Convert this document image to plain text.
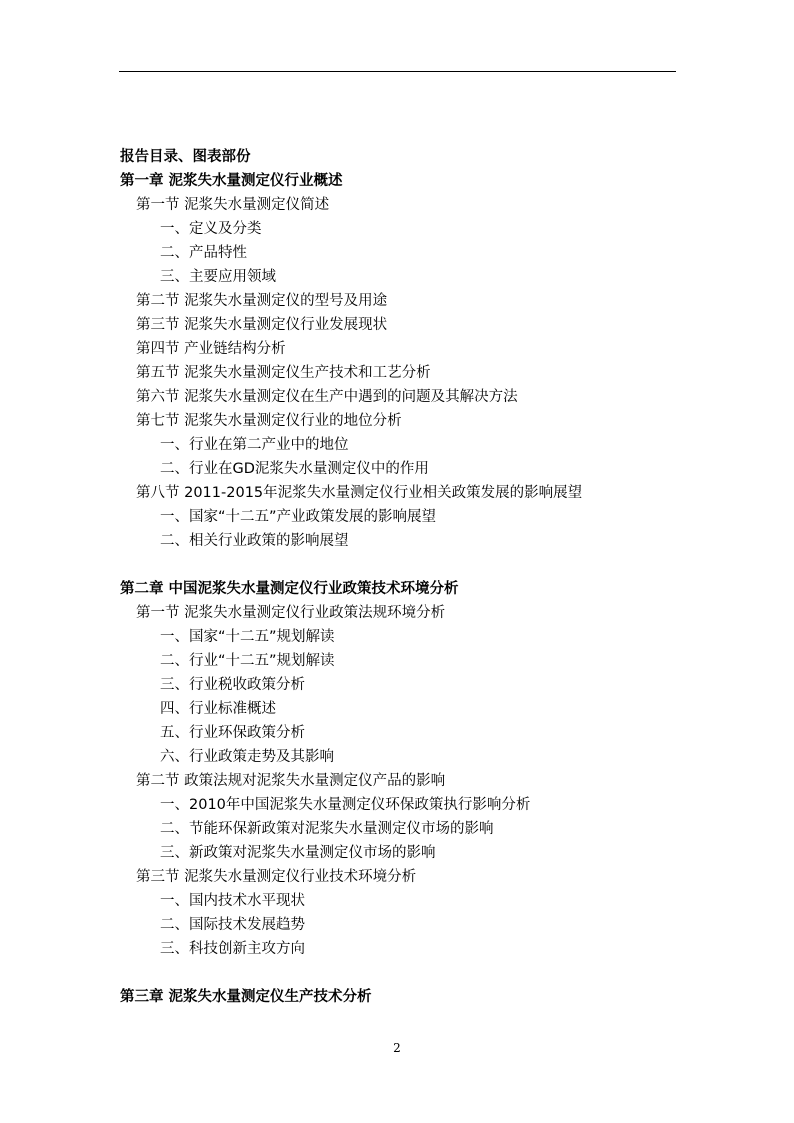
报告目录、图表部份
第一章 泥浆失水量测定仪行业概述
第一节 泥浆失水量测定仪简述
一、定义及分类
二、产品特性
三、主要应用领域
第二节 泥浆失水量测定仪的型号及用途
第三节 泥浆失水量测定仪行业发展现状
第四节 产业链结构分析
第五节 泥浆失水量测定仪生产技术和工艺分析
第六节 泥浆失水量测定仪在生产中遇到的问题及其解决方法
第七节 泥浆失水量测定仪行业的地位分析
一、行业在第二产业中的地位
二、行业在GD泥浆失水量测定仪中的作用
第八节 2011-2015年泥浆失水量测定仪行业相关政策发展的影响展望
一、国家“十二五”产业政策发展的影响展望
二、相关行业政策的影响展望
第二章 中国泥浆失水量测定仪行业政策技术环境分析
第一节 泥浆失水量测定仪行业政策法规环境分析
一、国家“十二五”规划解读
二、行业“十二五”规划解读
三、行业税收政策分析
四、行业标准概述
五、行业环保政策分析
六、行业政策走势及其影响
第二节 政策法规对泥浆失水量测定仪产品的影响
一、2010年中国泥浆失水量测定仪环保政策执行影响分析
二、节能环保新政策对泥浆失水量测定仪市场的影响
三、新政策对泥浆失水量测定仪市场的影响
第三节 泥浆失水量测定仪行业技术环境分析
一、国内技术水平现状
二、国际技术发展趋势
三、科技创新主攻方向
第三章 泥浆失水量测定仪生产技术分析
2
